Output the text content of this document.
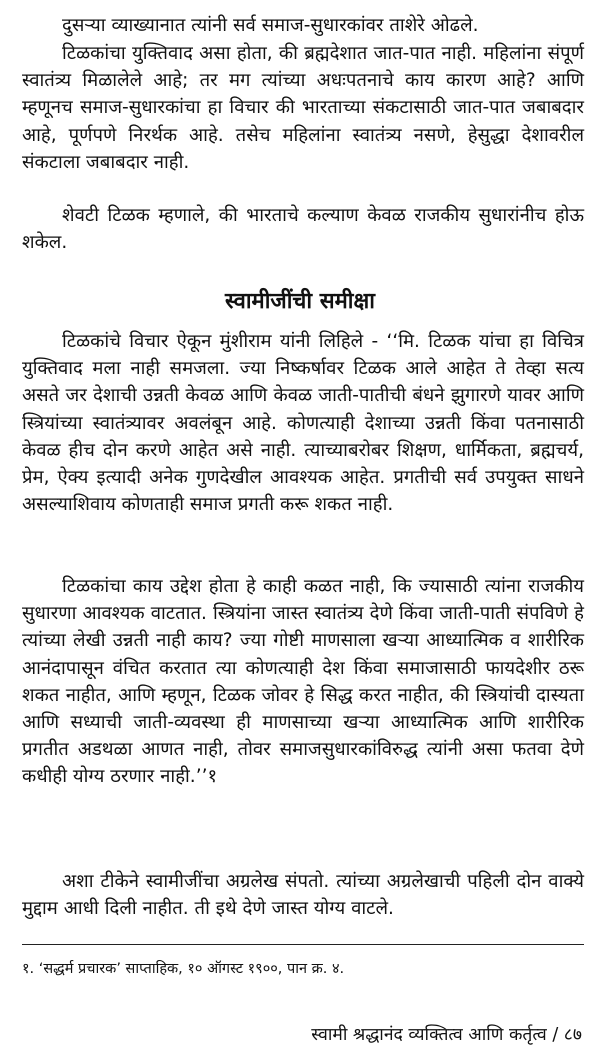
दुसऱ्या व्याख्यानात त्यांनी सर्व समाज-सुधारकांवर ताशेरे ओढले.

टिळकांचा युक्तिवाद असा होता, की ब्रह्मदेशात जात-पात नाही. महिलांना संपूर्ण स्वातंत्र्य मिळालेले आहे; तर मग त्यांच्या अधःपतनाचे काय कारण आहे? आणि म्हणूनच समाज-सुधारकांचा हा विचार की भारताच्या संकटासाठी जात-पात जबाबदार आहे, पूर्णपणे निरर्थक आहे. तसेच महिलांना स्वातंत्र्य नसणे, हेसुद्धा देशावरील संकटाला जबाबदार नाही.

शेवटी टिळक म्हणाले, की भारताचे कल्याण केवळ राजकीय सुधारांनीच होऊ शकेल.

स्वामीजींची समीक्षा

टिळकांचे विचार ऐकून मुंशीराम यांनी लिहिले - ‘‘मि. टिळक यांचा हा विचित्र युक्तिवाद मला नाही समजला. ज्या निष्कर्षावर टिळक आले आहेत ते तेव्हा सत्य असते जर देशाची उन्नती केवळ आणि केवळ जाती-पातीची बंधने झुगारणे यावर आणि स्त्रियांच्या स्वातंत्र्यावर अवलंबून आहे. कोणत्याही देशाच्या उन्नती किंवा पतनासाठी केवळ हीच दोन करणे आहेत असे नाही. त्याच्याबरोबर शिक्षण, धार्मिकता, ब्रह्मचर्य, प्रेम, ऐक्य इत्यादी अनेक गुणदेखील आवश्यक आहेत. प्रगतीची सर्व उपयुक्त साधने असल्याशिवाय कोणताही समाज प्रगती करू शकत नाही.

टिळकांचा काय उद्देश होता हे काही कळत नाही, कि ज्यासाठी त्यांना राजकीय सुधारणा आवश्यक वाटतात. स्त्रियांना जास्त स्वातंत्र्य देणे किंवा जाती-पाती संपविणे हे त्यांच्या लेखी उन्नती नाही काय? ज्या गोष्टी माणसाला खऱ्या आध्यात्मिक व शारीरिक आनंदापासून वंचित करतात त्या कोणत्याही देश किंवा समाजासाठी फायदेशीर ठरू शकत नाहीत, आणि म्हणून, टिळक जोवर हे सिद्ध करत नाहीत, की स्त्रियांची दास्यता आणि सध्याची जाती-व्यवस्था ही माणसाच्या खऱ्या आध्यात्मिक आणि शारीरिक प्रगतीत अडथळा आणत नाही, तोवर समाजसुधारकांविरुद्ध त्यांनी असा फतवा देणे कधीही योग्य ठरणार नाही.’’१

अशा टीकेने स्वामीजींचा अग्रलेख संपतो. त्यांच्या अग्रलेखाची पहिली दोन वाक्ये मुद्दाम आधी दिली नाहीत. ती इथे देणे जास्त योग्य वाटले.

१. ‘सद्धर्म प्रचारक’ साप्ताहिक, १० ऑगस्ट १९००, पान क्र. ४.

स्वामी श्रद्धानंद व्यक्तित्व आणि कर्तृत्व / ८७
